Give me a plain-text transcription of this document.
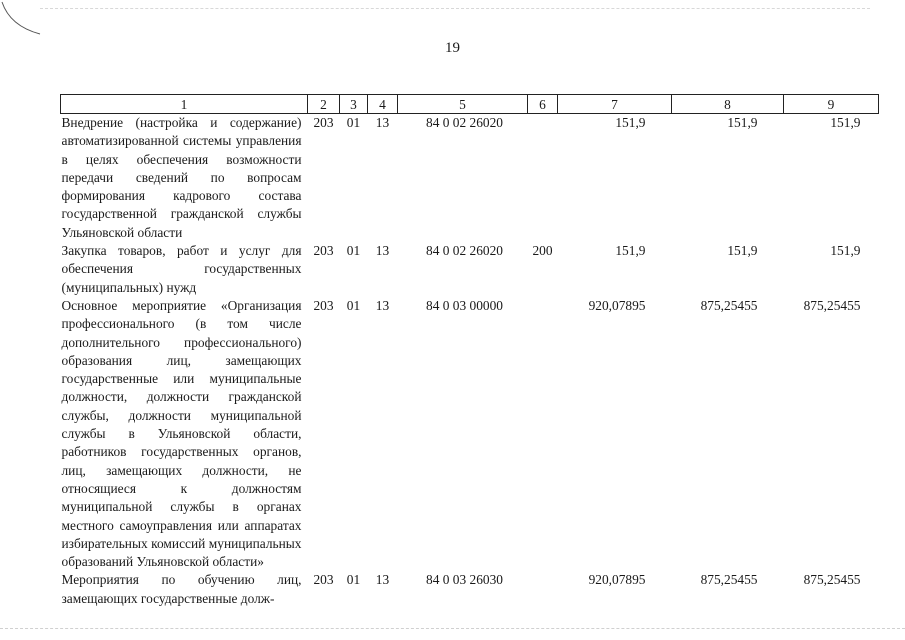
19
1	2	3	4	5	6	7	8	9
Внедрение (настройка и содержание) автоматизированной системы управления в целях обеспечения возможности передачи сведений по вопросам формирования кадрового состава государственной гражданской службы Ульяновской области	203	01	13	84 0 02 26020		151,9	151,9	151,9
Закупка товаров, работ и услуг для обеспечения государственных (муниципальных) нужд	203	01	13	84 0 02 26020	200	151,9	151,9	151,9
Основное мероприятие «Организация профессионального (в том числе дополнительного профессионального) образования лиц, замещающих государственные или муниципальные должности, должности гражданской службы, должности муниципальной службы в Ульяновской области, работников государственных органов, лиц, замещающих должности, не относящиеся к должностям муниципальной службы в органах местного самоуправления или аппаратах избирательных комиссий муниципальных образований Ульяновской области»	203	01	13	84 0 03 00000		920,07895	875,25455	875,25455
Мероприятия по обучению лиц, замещающих государственные долж-	203	01	13	84 0 03 26030		920,07895	875,25455	875,25455
